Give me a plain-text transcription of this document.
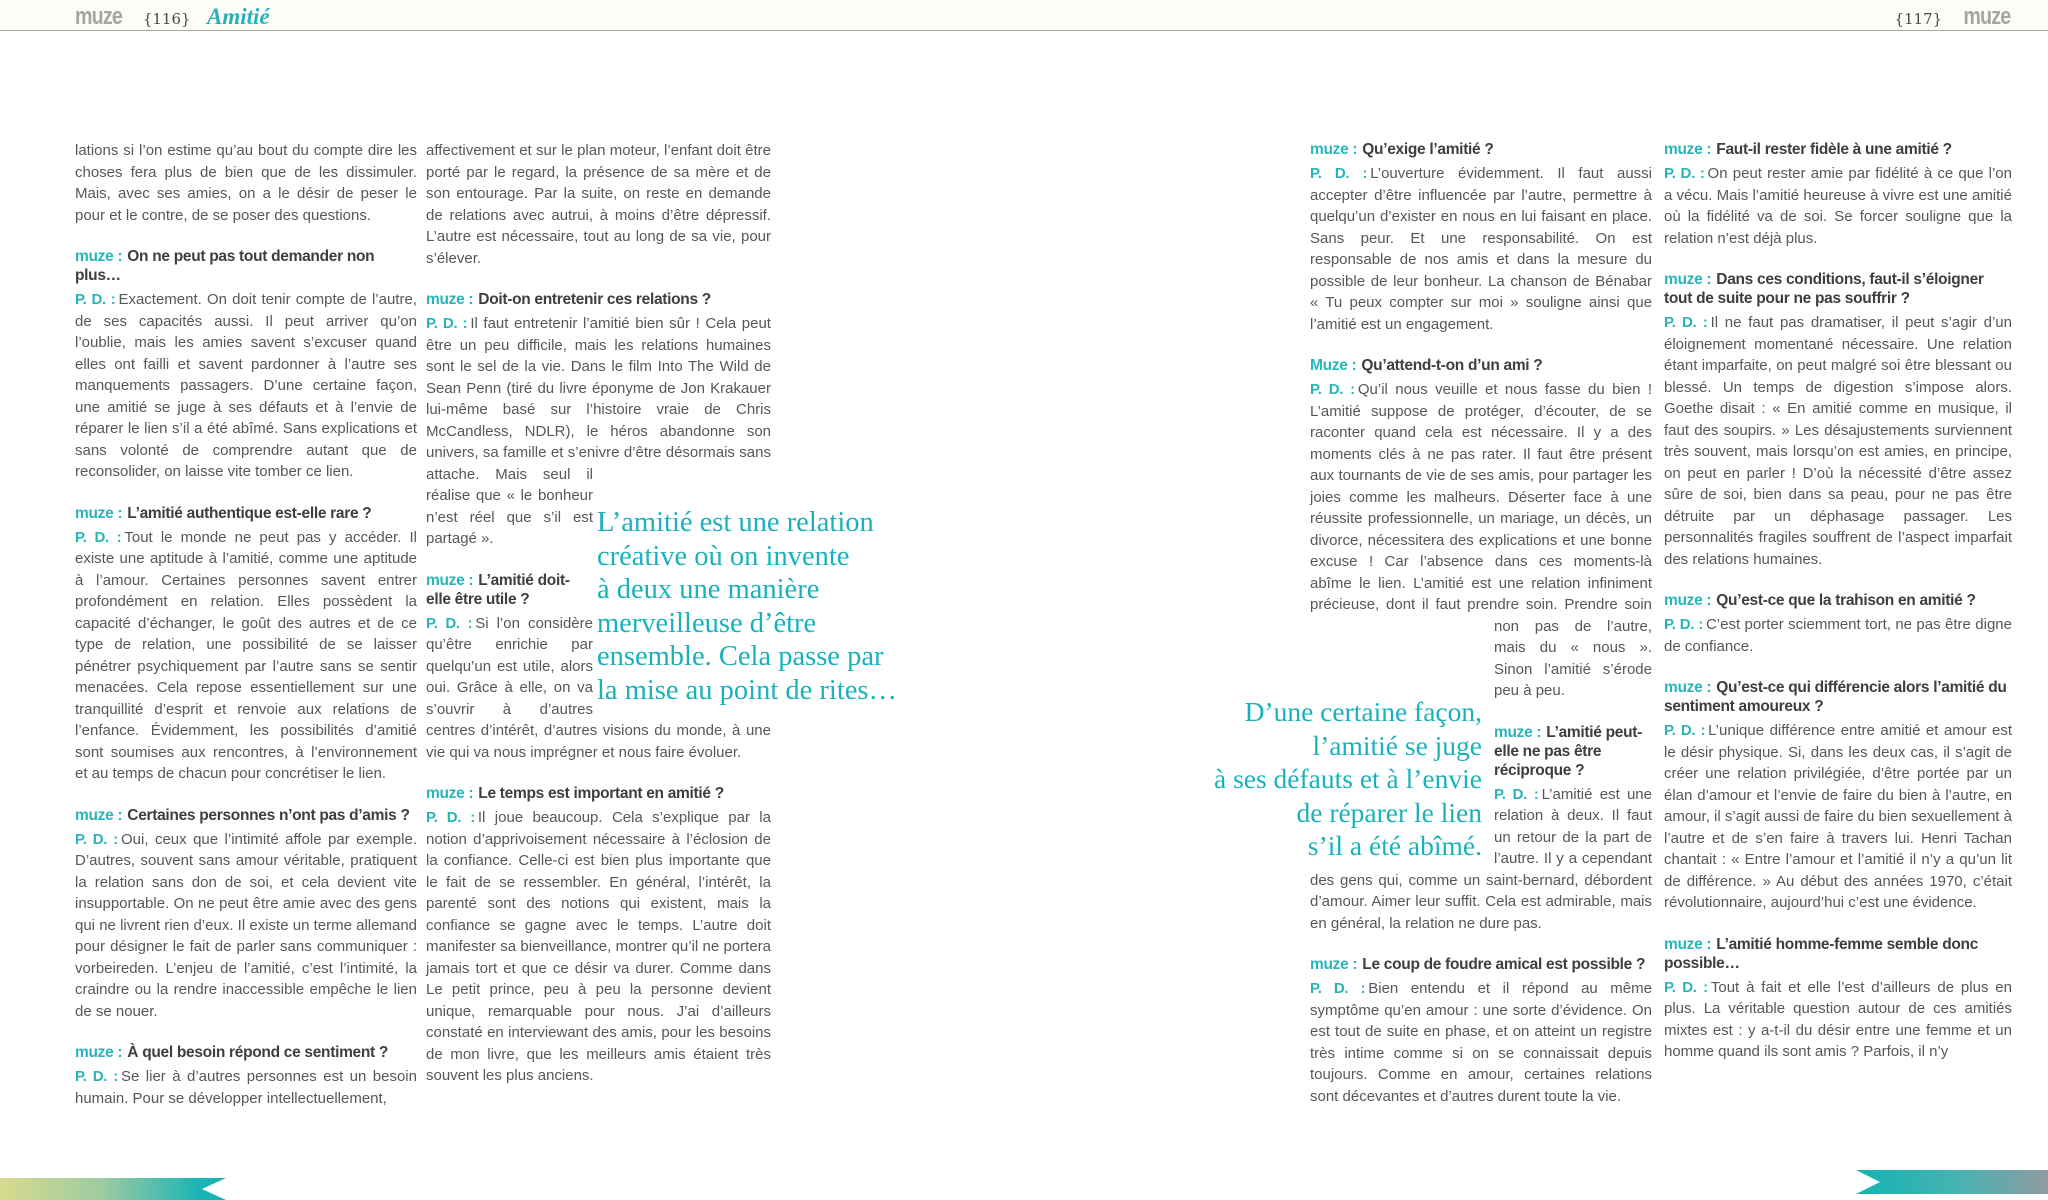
muze {116} Amitié	{117} muze

lations si l’on estime qu’au bout du compte dire les choses fera plus de bien que de les dissimuler. Mais, avec ses amies, on a le désir de peser le pour et le contre, de se poser des questions.

muze : On ne peut pas tout demander non plus…

P. D. : Exactement. On doit tenir compte de l’autre, de ses capacités aussi. Il peut arriver qu’on l’oublie, mais les amies savent s’excuser quand elles ont failli et savent pardonner à l’autre ses manquements passagers. D’une certaine façon, une amitié se juge à ses défauts et à l’envie de réparer le lien s’il a été abîmé. Sans explications et sans volonté de comprendre autant que de reconsolider, on laisse vite tomber ce lien.

muze : L’amitié authentique est-elle rare ?

P. D. : Tout le monde ne peut pas y accéder. Il existe une aptitude à l’amitié, comme une aptitude à l’amour. Certaines personnes savent entrer profondément en relation. Elles possèdent la capacité d’échanger, le goût des autres et de ce type de relation, une possibilité de se laisser pénétrer psychiquement par l’autre sans se sentir menacées. Cela repose essentiellement sur une tranquillité d’esprit et renvoie aux relations de l’enfance. Évidemment, les possibilités d’amitié sont soumises aux rencontres, à l’environnement et au temps de chacun pour concrétiser le lien.

muze : Certaines personnes n’ont pas d’amis ?

P. D. : Oui, ceux que l’intimité affole par exemple. D’autres, souvent sans amour véritable, pratiquent la relation sans don de soi, et cela devient vite insupportable. On ne peut être amie avec des gens qui ne livrent rien d’eux. Il existe un terme allemand pour désigner le fait de parler sans communiquer : vorbeireden. L’enjeu de l’amitié, c’est l’intimité, la craindre ou la rendre inaccessible empêche le lien de se nouer.

muze : À quel besoin répond ce sentiment ?

P. D. : Se lier à d’autres personnes est un besoin humain. Pour se développer intellectuellement,

affectivement et sur le plan moteur, l’enfant doit être porté par le regard, la présence de sa mère et de son entourage. Par la suite, on reste en demande de relations avec autrui, à moins d’être dépressif. L’autre est nécessaire, tout au long de sa vie, pour s’élever.

muze : Doit-on entretenir ces relations ?

P. D. : Il faut entretenir l’amitié bien sûr ! Cela peut être un peu difficile, mais les relations humaines sont le sel de la vie. Dans le film Into The Wild de Sean Penn (tiré du livre éponyme de Jon Krakauer lui-même basé sur l’histoire vraie de Chris McCandless, NDLR), le héros abandonne son univers, sa famille et s’enivre d’être désormais sans
attache. Mais seul il réalise que « le bonheur n’est réel que s’il est partagé ».

muze : L’amitié doit-elle être utile ?

P. D. : Si l’on considère qu’être enrichie par quelqu’un est utile, alors oui. Grâce à elle, on va s’ouvrir à d’autres centres d’intérêt, d’autres visions du monde, à une vie qui va nous imprégner et nous faire évoluer.

muze : Le temps est important en amitié ?

P. D. : Il joue beaucoup. Cela s’explique par la notion d’apprivoisement nécessaire à l’éclosion de la confiance. Celle-ci est bien plus importante que le fait de se ressembler. En général, l’intérêt, la parenté sont des notions qui existent, mais la confiance se gagne avec le temps. L’autre doit manifester sa bienveillance, montrer qu’il ne portera jamais tort et que ce désir va durer. Comme dans Le petit prince, peu à peu la personne devient unique, remarquable pour nous. J’ai d’ailleurs constaté en interviewant des amis, pour les besoins de mon livre, que les meilleurs amis étaient très souvent les plus anciens.

L’amitié est une relation
créative où on invente
à deux une manière
merveilleuse d’être
ensemble. Cela passe par
la mise au point de rites…
D’une certaine façon,
l’amitié se juge
à ses défauts et à l’envie
de réparer le lien
s’il a été abîmé.

muze : Qu’exige l’amitié ?

P. D. : L’ouverture évidemment. Il faut aussi accepter d’être influencée par l’autre, permettre à quelqu’un d’exister en nous en lui faisant en place. Sans peur. Et une responsabilité. On est responsable de nos amis et dans la mesure du possible de leur bonheur. La chanson de Bénabar « Tu peux compter sur moi » souligne ainsi que l’amitié est un engagement.

Muze : Qu’attend-t-on d’un ami ?

P. D. : Qu’il nous veuille et nous fasse du bien ! L’amitié suppose de protéger, d’écouter, de se raconter quand cela est nécessaire. Il y a des moments clés à ne pas rater. Il faut être présent aux tournants de vie de ses amis, pour partager les joies comme les malheurs. Déserter face à une réussite professionnelle, un mariage, un décès, un divorce, nécessitera des explications et une bonne excuse ! Car l’absence dans ces moments-là abîme le lien. L’amitié est une relation infiniment précieuse, dont il faut prendre soin. Prendre soin non pas de l’autre, mais du « nous ». Sinon l’amitié s’érode peu à peu.

muze : L’amitié peut-elle ne pas être réciproque ?

P. D. : L’amitié est une relation à deux. Il faut un retour de la part de l’autre. Il y a cependant des gens qui, comme un saint-bernard, débordent d’amour. Aimer leur suffit. Cela est admirable, mais en général, la relation ne dure pas.

muze : Le coup de foudre amical est possible ?

P. D. : Bien entendu et il répond au même symptôme qu’en amour : une sorte d’évidence. On est tout de suite en phase, et on atteint un registre très intime comme si on se connaissait depuis toujours. Comme en amour, certaines relations sont décevantes et d’autres durent toute la vie.

muze : Faut-il rester fidèle à une amitié ?

P. D. : On peut rester amie par fidélité à ce que l’on a vécu. Mais l’amitié heureuse à vivre est une amitié où la fidélité va de soi. Se forcer souligne que la relation n’est déjà plus.

muze : Dans ces conditions, faut-il s’éloigner tout de suite pour ne pas souffrir ?

P. D. : Il ne faut pas dramatiser, il peut s’agir d’un éloignement momentané nécessaire. Une relation étant imparfaite, on peut malgré soi être blessant ou blessé. Un temps de digestion s’impose alors. Goethe disait : « En amitié comme en musique, il faut des soupirs. » Les désajustements surviennent très souvent, mais lorsqu’on est amies, en principe, on peut en parler ! D’où la nécessité d’être assez sûre de soi, bien dans sa peau, pour ne pas être détruite par un déphasage passager. Les personnalités fragiles souffrent de l’aspect imparfait des relations humaines.

muze : Qu’est-ce que la trahison en amitié ?

P. D. : C’est porter sciemment tort, ne pas être digne de confiance.

muze : Qu’est-ce qui différencie alors l’amitié du sentiment amoureux ?

P. D. : L’unique différence entre amitié et amour est le désir physique. Si, dans les deux cas, il s’agit de créer une relation privilégiée, d’être portée par un élan d’amour et l’envie de faire du bien à l’autre, en amour, il s’agit aussi de faire du bien sexuellement à l’autre et de s’en faire à travers lui. Henri Tachan chantait : « Entre l’amour et l’amitié il n’y a qu’un lit de différence. » Au début des années 1970, c’était révolutionnaire, aujourd’hui c’est une évidence.

muze : L’amitié homme-femme semble donc possible…

P. D. : Tout à fait et elle l’est d’ailleurs de plus en plus. La véritable question autour de ces amitiés mixtes est : y a-t-il du désir entre une femme et un homme quand ils sont amis ? Parfois, il n’y
